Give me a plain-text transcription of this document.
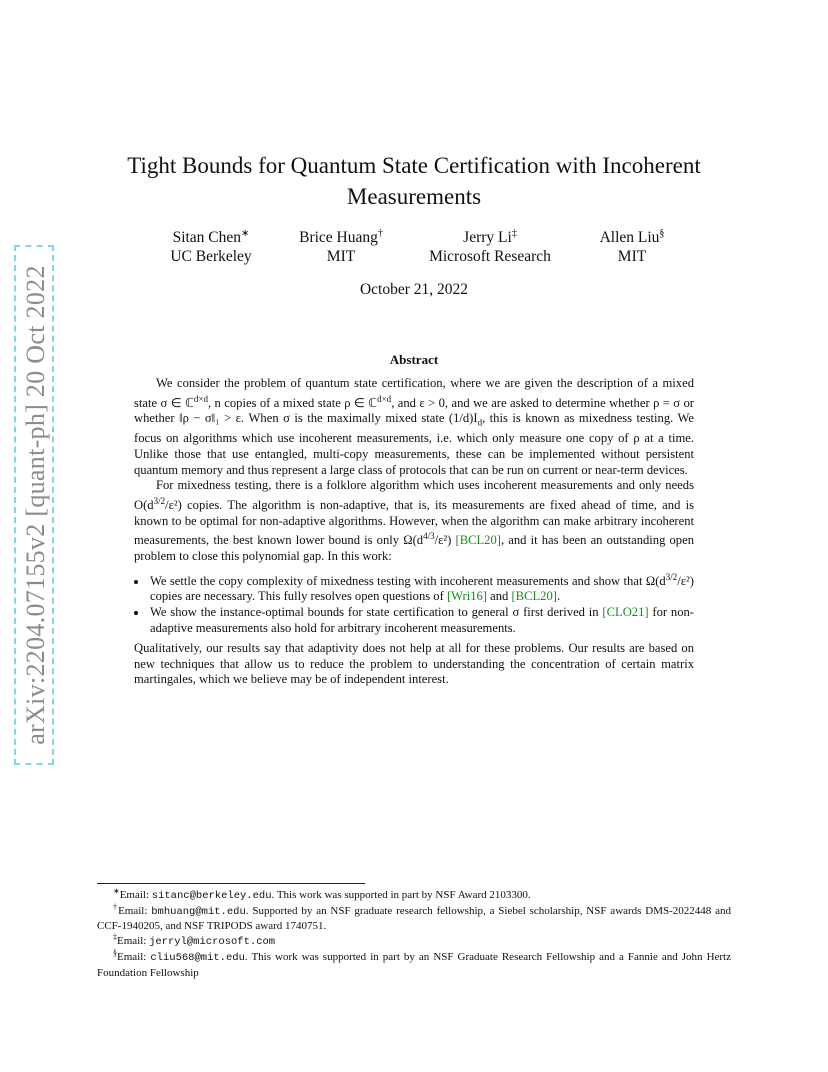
arXiv:2204.07155v2 [quant-ph] 20 Oct 2022
Tight Bounds for Quantum State Certification with Incoherent Measurements
Sitan Chen∗
UC Berkeley
Brice Huang†
MIT
Jerry Li‡
Microsoft Research
Allen Liu§
MIT
October 21, 2022
Abstract

We consider the problem of quantum state certification, where we are given the description of a mixed state σ ∈ ℂ$^{d\times d}$, n copies of a mixed state ρ ∈ ℂ$^{d\times d}$, and ε > 0, and we are asked to determine whether ρ = σ or whether ‖ρ − σ‖₁ > ε. When σ is the maximally mixed state $(1/d)I_d$, this is known as mixedness testing. We focus on algorithms which use incoherent measurements, i.e. which only measure one copy of ρ at a time. Unlike those that use entangled, multi-copy measurements, these can be implemented without persistent quantum memory and thus represent a large class of protocols that can be run on current or near-term devices.

For mixedness testing, there is a folklore algorithm which uses incoherent measurements and only needs $O(d^{3/2}/\varepsilon^2)$ copies. The algorithm is non-adaptive, that is, its measurements are fixed ahead of time, and is known to be optimal for non-adaptive algorithms. However, when the algorithm can make arbitrary incoherent measurements, the best known lower bound is only $\Omega(d^{4/3}/\varepsilon^2)$ [BCL20], and it has been an outstanding open problem to close this polynomial gap. In this work:

• We settle the copy complexity of mixedness testing with incoherent measurements and show that $\Omega(d^{3/2}/\varepsilon^2)$ copies are necessary. This fully resolves open questions of [Wri16] and [BCL20].
• We show the instance-optimal bounds for state certification to general σ first derived in [CLO21] for non-adaptive measurements also hold for arbitrary incoherent measurements.

Qualitatively, our results say that adaptivity does not help at all for these problems. Our results are based on new techniques that allow us to reduce the problem to understanding the concentration of certain matrix martingales, which we believe may be of independent interest.

∗Email: sitanc@berkeley.edu. This work was supported in part by NSF Award 2103300.

†Email: bmhuang@mit.edu. Supported by an NSF graduate research fellowship, a Siebel scholarship, NSF awards DMS-2022448 and CCF-1940205, and NSF TRIPODS award 1740751.

‡Email: jerryl@microsoft.com

§Email: cliu568@mit.edu. This work was supported in part by an NSF Graduate Research Fellowship and a Fannie and John Hertz Foundation Fellowship
